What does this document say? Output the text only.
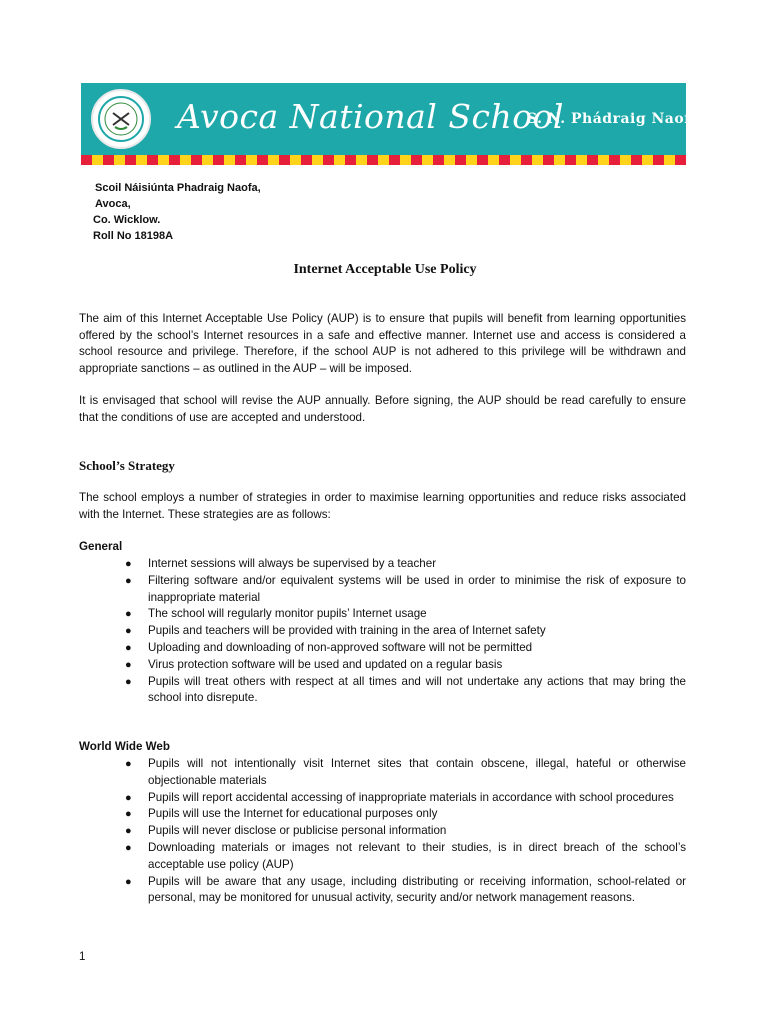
Avoca National School
S. N. Phádraig Naofa
Scoil Náisiúnta Phadraig Naofa,
Avoca,
Co. Wicklow.
Roll No 18198A
Internet Acceptable Use Policy
The aim of this Internet Acceptable Use Policy (AUP) is to ensure that pupils will benefit from learning opportunities offered by the school’s Internet resources in a safe and effective manner. Internet use and access is considered a school resource and privilege. Therefore, if the school AUP is not adhered to this privilege will be withdrawn and appropriate sanctions – as outlined in the AUP – will be imposed.
It is envisaged that school will revise the AUP annually. Before signing, the AUP should be read carefully to ensure that the conditions of use are accepted and understood.
School’s Strategy
The school employs a number of strategies in order to maximise learning opportunities and reduce risks associated with the Internet. These strategies are as follows:
General
● Internet sessions will always be supervised by a teacher
● Filtering software and/or equivalent systems will be used in order to minimise the risk of exposure to inappropriate material
● The school will regularly monitor pupils’ Internet usage
● Pupils and teachers will be provided with training in the area of Internet safety
● Uploading and downloading of non-approved software will not be permitted
● Virus protection software will be used and updated on a regular basis
● Pupils will treat others with respect at all times and will not undertake any actions that may bring the school into disrepute.
World Wide Web
● Pupils will not intentionally visit Internet sites that contain obscene, illegal, hateful or otherwise objectionable materials
● Pupils will report accidental accessing of inappropriate materials in accordance with school procedures
● Pupils will use the Internet for educational purposes only
● Pupils will never disclose or publicise personal information
● Downloading materials or images not relevant to their studies, is in direct breach of the school’s acceptable use policy (AUP)
● Pupils will be aware that any usage, including distributing or receiving information, school-related or personal, may be monitored for unusual activity, security and/or network management reasons.
1
